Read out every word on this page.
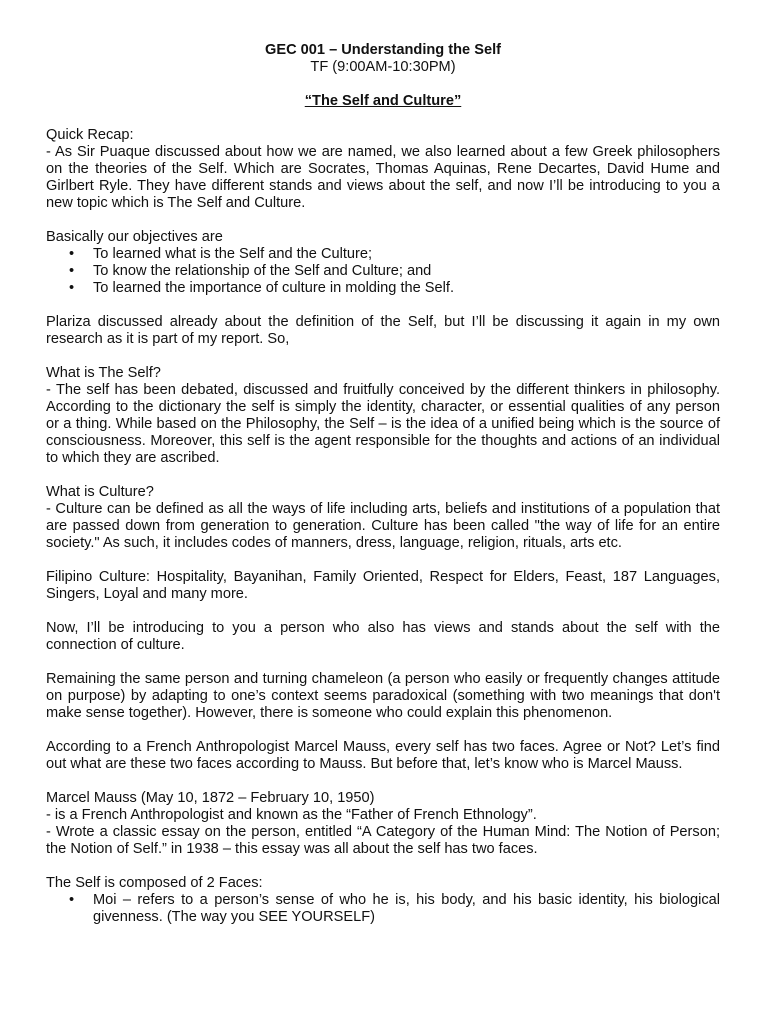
GEC 001 – Understanding the Self
TF (9:00AM-10:30PM)
“The Self and Culture”

Quick Recap:

- As Sir Puaque discussed about how we are named, we also learned about a few Greek philosophers on the theories of the Self. Which are Socrates, Thomas Aquinas, Rene Decartes, David Hume and Girlbert Ryle. They have different stands and views about the self, and now I’ll be introducing to you a new topic which is The Self and Culture.

Basically our objectives are

• To learned what is the Self and the Culture;
• To know the relationship of the Self and Culture; and
• To learned the importance of culture in molding the Self.

Plariza discussed already about the definition of the Self, but I’ll be discussing it again in my own research as it is part of my report. So,

What is The Self?

- The self has been debated, discussed and fruitfully conceived by the different thinkers in philosophy. According to the dictionary the self is simply the identity, character, or essential qualities of any person or a thing. While based on the Philosophy, the Self – is the idea of a unified being which is the source of consciousness. Moreover, this self is the agent responsible for the thoughts and actions of an individual to which they are ascribed.

What is Culture?

- Culture can be defined as all the ways of life including arts, beliefs and institutions of a population that are passed down from generation to generation. Culture has been called "the way of life for an entire society." As such, it includes codes of manners, dress, language, religion, rituals, arts etc.

Filipino Culture: Hospitality, Bayanihan, Family Oriented, Respect for Elders, Feast, 187 Languages, Singers, Loyal and many more.

Now, I’ll be introducing to you a person who also has views and stands about the self with the connection of culture.

Remaining the same person and turning chameleon (a person who easily or frequently changes attitude on purpose) by adapting to one’s context seems paradoxical (something with two meanings that don't make sense together). However, there is someone who could explain this phenomenon.

According to a French Anthropologist Marcel Mauss, every self has two faces. Agree or Not? Let’s find out what are these two faces according to Mauss. But before that, let’s know who is Marcel Mauss.

Marcel Mauss (May 10, 1872 – February 10, 1950)

- is a French Anthropologist and known as the “Father of French Ethnology”.

- Wrote a classic essay on the person, entitled “A Category of the Human Mind: The Notion of Person; the Notion of Self.” in 1938 – this essay was all about the self has two faces.

The Self is composed of 2 Faces:

• Moi – refers to a person’s sense of who he is, his body, and his basic identity, his biological givenness. (The way you SEE YOURSELF)
